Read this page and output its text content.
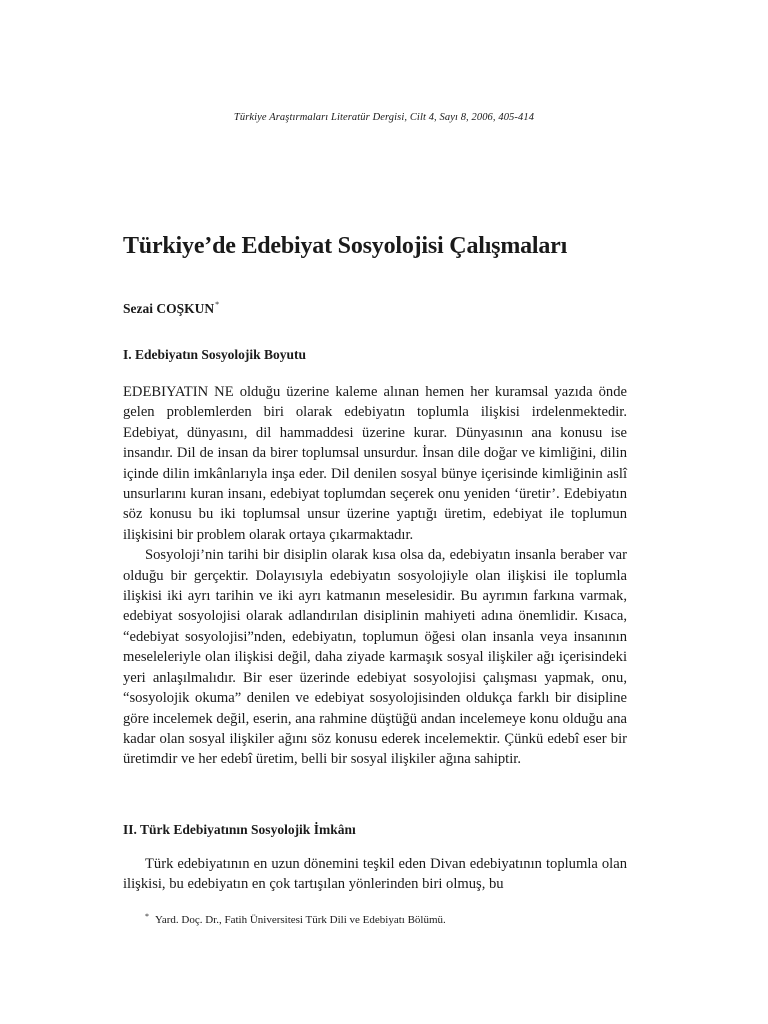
Türkiye Araştırmaları Literatür Dergisi, Cilt 4, Sayı 8, 2006, 405-414
Türkiye’de Edebiyat Sosyolojisi Çalışmaları
Sezai COŞKUN*
I. Edebiyatın Sosyolojik Boyutu

EDEBIYATIN NE olduğu üzerine kaleme alınan hemen her kuramsal yazıda önde gelen problemlerden biri olarak edebiyatın toplumla ilişkisi irdelenmektedir. Edebiyat, dünyasını, dil hammaddesi üzerine kurar. Dünyasının ana konusu ise insandır. Dil de insan da birer toplumsal unsurdur. İnsan dile doğar ve kimliğini, dilin içinde dilin imkânlarıyla inşa eder. Dil denilen sosyal bünye içerisinde kimliğinin aslî unsurlarını kuran insanı, edebiyat toplumdan seçerek onu yeniden ‘üretir’. Edebiyatın söz konusu bu iki toplumsal unsur üzerine yaptığı üretim, edebiyat ile toplumun ilişkisini bir problem olarak ortaya çıkarmaktadır.

Sosyoloji’nin tarihi bir disiplin olarak kısa olsa da, edebiyatın insanla beraber var olduğu bir gerçektir. Dolayısıyla edebiyatın sosyolojiyle olan ilişkisi ile toplumla ilişkisi iki ayrı tarihin ve iki ayrı katmanın meselesidir. Bu ayrımın farkına varmak, edebiyat sosyolojisi olarak adlandırılan disiplinin mahiyeti adına önemlidir. Kısaca, “edebiyat sosyolojisi”nden, edebiyatın, toplumun öğesi olan insanla veya insanının meseleleriyle olan ilişkisi değil, daha ziyade karmaşık sosyal ilişkiler ağı içerisindeki yeri anlaşılmalıdır. Bir eser üzerinde edebiyat sosyolojisi çalışması yapmak, onu, “sosyolojik okuma” denilen ve edebiyat sosyolojisinden oldukça farklı bir disipline göre incelemek değil, eserin, ana rahmine düştüğü andan incelemeye konu olduğu ana kadar olan sosyal ilişkiler ağını söz konusu ederek incelemektir. Çünkü edebî eser bir üretimdir ve her edebî üretim, belli bir sosyal ilişkiler ağına sahiptir.

II. Türk Edebiyatının Sosyolojik İmkânı

Türk edebiyatının en uzun dönemini teşkil eden Divan edebiyatının toplumla olan ilişkisi, bu edebiyatın en çok tartışılan yönlerinden biri olmuş, bu

* Yard. Doç. Dr., Fatih Üniversitesi Türk Dili ve Edebiyatı Bölümü.
